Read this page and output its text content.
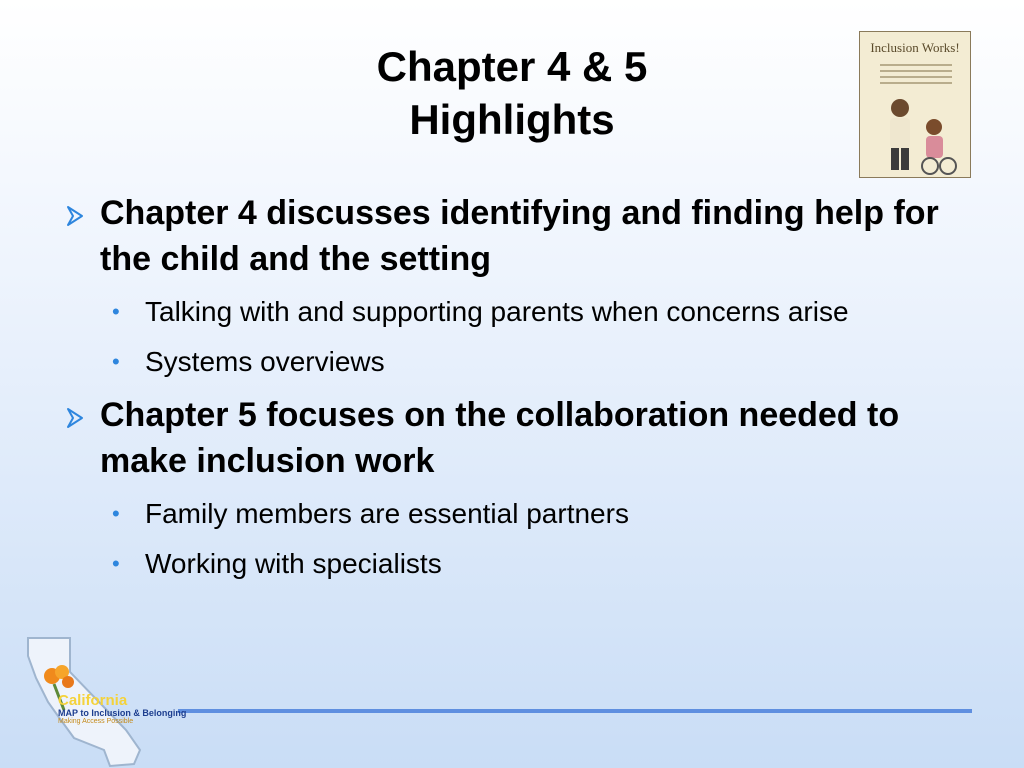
Chapter 4 & 5
Highlights
Inclusion Works!
Chapter 4 discusses identifying and finding help for the child and the setting
• Talking with and supporting parents when concerns arise
• Systems overviews
Chapter 5 focuses on the collaboration needed to make inclusion work
• Family members are essential partners
• Working with specialists
California
MAP to Inclusion & Belonging
Making Access Possible
